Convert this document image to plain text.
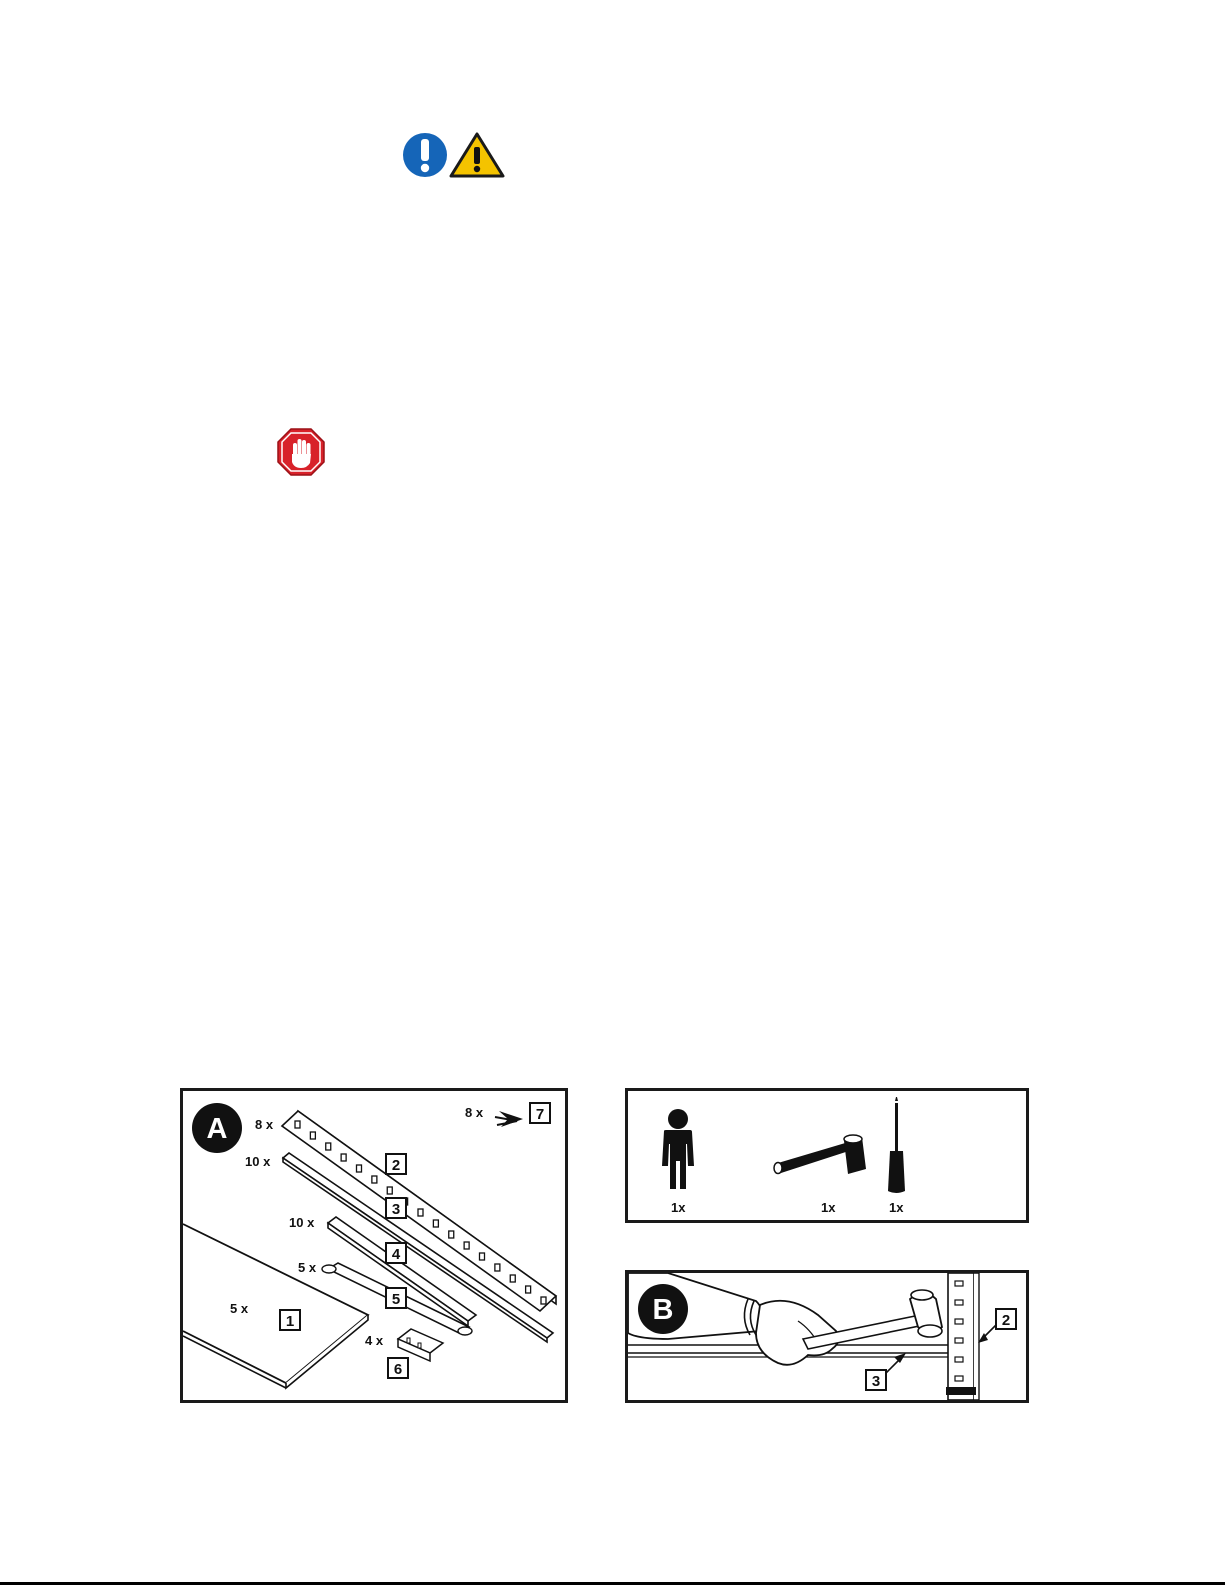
A 8 x
10 x
10 x
5 x
5 x
4 x
8 x
2
3
4
5
1
6
7
1x	1x	1x
B	2
3
